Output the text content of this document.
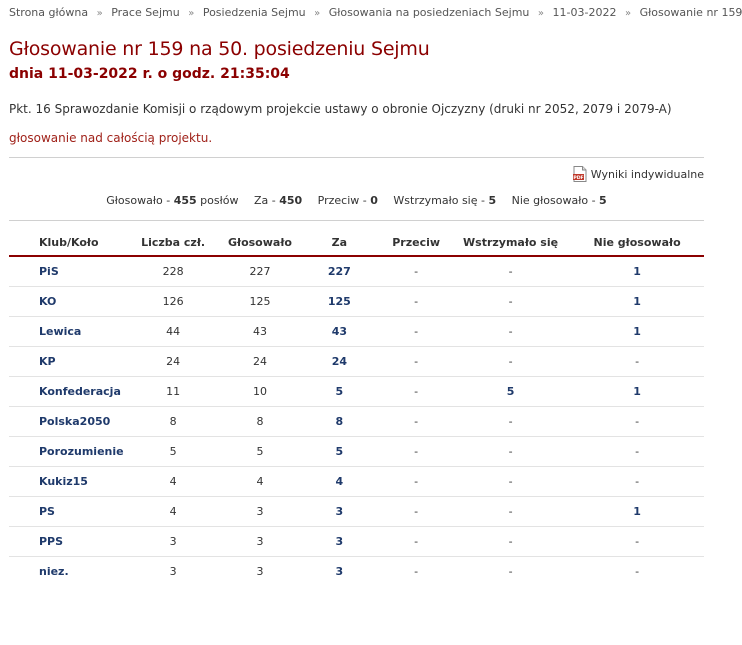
Strona główna » Prace Sejmu » Posiedzenia Sejmu » Głosowania na posiedzeniach Sejmu » 11-03-2022 » Głosowanie nr 159
Głosowanie nr 159 na 50. posiedzeniu Sejmu
dnia 11-03-2022 r. o godz. 21:35:04
Pkt. 16 Sprawozdanie Komisji o rządowym projekcie ustawy o obronie Ojczyzny (druki nr 2052, 2079 i 2079-A)
głosowanie nad całością projektu.
PDF Wyniki indywidualne
Głosowało - 455 posłów Za - 450 Przeciw - 0 Wstrzymało się - 5 Nie głosowało - 5
Klub/Koło	Liczba czł.	Głosowało	Za	Przeciw	Wstrzymało się	Nie głosowało
PiS	228	227	227	-	-	1
KO	126	125	125	-	-	1
Lewica	44	43	43	-	-	1
KP	24	24	24	-	-	-
Konfederacja	11	10	5	-	5	1
Polska2050	8	8	8	-	-	-
Porozumienie	5	5	5	-	-	-
Kukiz15	4	4	4	-	-	-
PS	4	3	3	-	-	1
PPS	3	3	3	-	-	-
niez.	3	3	3	-	-	-
